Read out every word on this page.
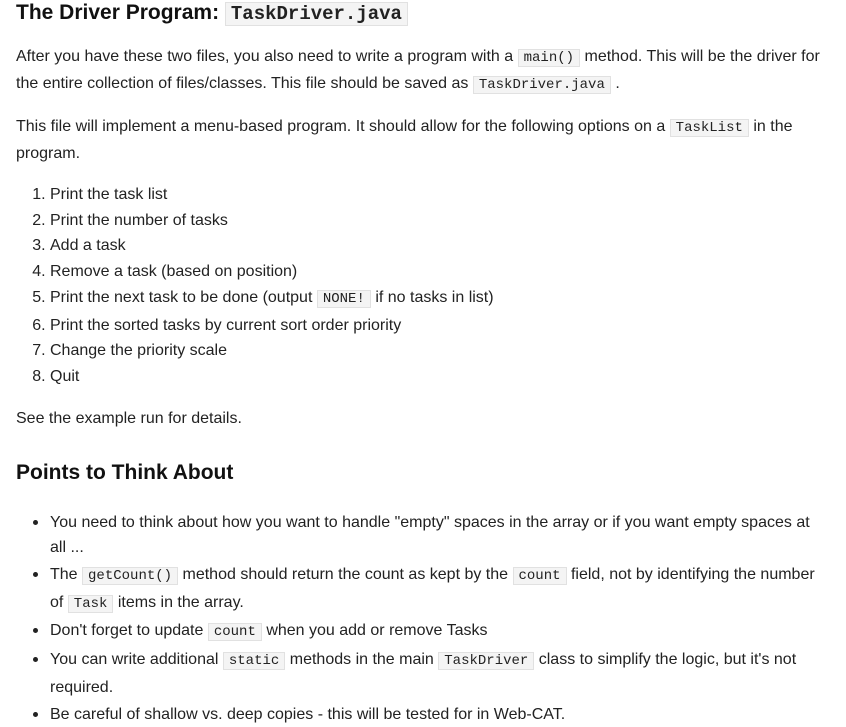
The Driver Program: TaskDriver.java

After you have these two files, you also need to write a program with a main() method. This will be the driver for the entire collection of files/classes. This file should be saved as TaskDriver.java .

This file will implement a menu-based program. It should allow for the following options on a TaskList in the program.

1. Print the task list
2. Print the number of tasks
3. Add a task
4. Remove a task (based on position)
5. Print the next task to be done (output NONE! if no tasks in list)
6. Print the sorted tasks by current sort order priority
7. Change the priority scale
8. Quit

See the example run for details.

Points to Think About
• You need to think about how you want to handle "empty" spaces in the array or if you want empty spaces at all ...
• The getCount() method should return the count as kept by the count field, not by identifying the number of Task items in the array.
• Don't forget to update count when you add or remove Tasks
• You can write additional static methods in the main TaskDriver class to simplify the logic, but it's not required.
• Be careful of shallow vs. deep copies - this will be tested for in Web-CAT.
